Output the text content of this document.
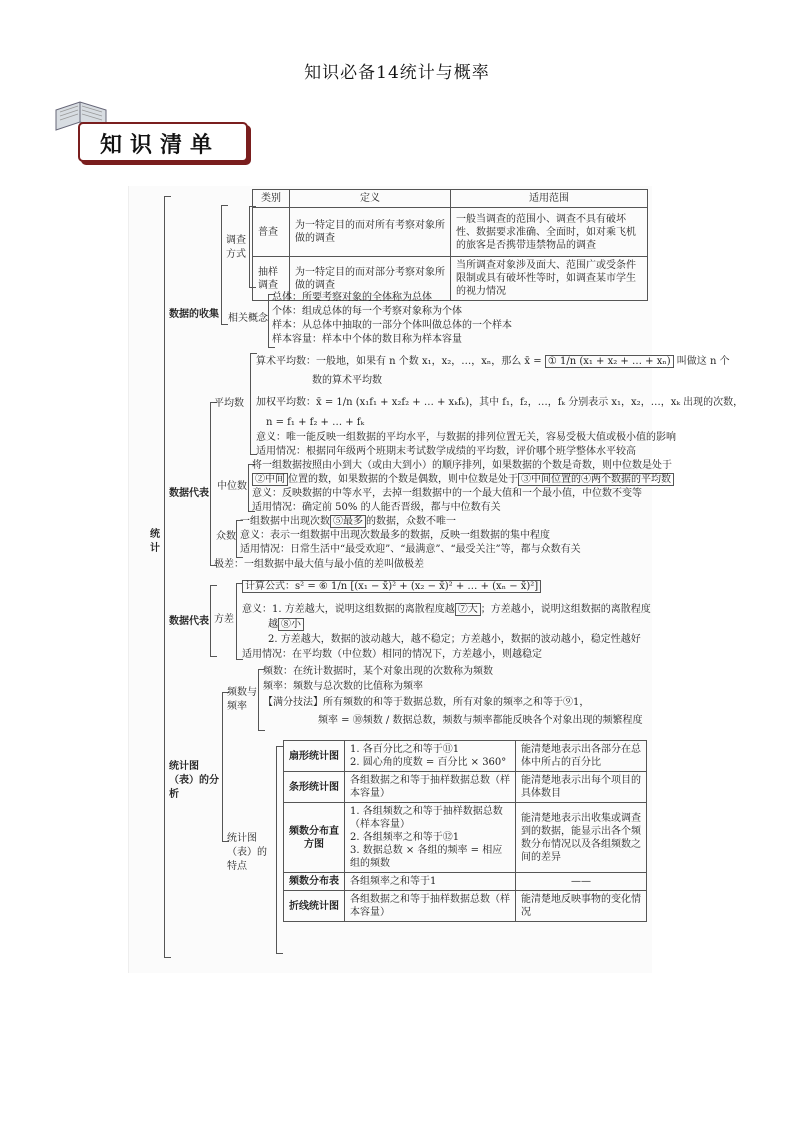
知识必备14统计与概率
知识清单
统计
数据的收集
调查方式
类别	定义	适用范围
普查	为一特定目的而对所有考察对象所做的调查	一般当调查的范围小、调查不具有破坏性、数据要求准确、全面时，如对乘飞机的旅客是否携带违禁物品的调查
抽样调查	为一特定目的而对部分考察对象所做的调查	当所调查对象涉及面大、范围广或受条件限制或具有破坏性等时，如调查某市学生的视力情况
相关概念
总体：所要考察对象的全体称为总体
个体：组成总体的每一个考察对象称为个体
样本：从总体中抽取的一部分个体叫做总体的一个样本
样本容量：样本中个体的数目称为样本容量
数据代表
平均数
算术平均数：一般地，如果有 n 个数 x₁，x₂，…，xₙ，那么 x̄ = ① 1/n (x₁ + x₂ + … + xₙ) 叫做这 n 个
数的算术平均数
加权平均数：x̄ = 1/n (x₁f₁ + x₂f₂ + … + xₖfₖ)，其中 f₁，f₂，…，fₖ 分别表示 x₁，x₂，…，xₖ 出现的次数，
n = f₁ + f₂ + … + fₖ
意义：唯一能反映一组数据的平均水平，与数据的排列位置无关，容易受极大值或极小值的影响
适用情况：根据同年级两个班期末考试数学成绩的平均数，评价哪个班学整体水平较高
中位数
将一组数据按照由小到大（或由大到小）的顺序排列，如果数据的个数是奇数，则中位数是处于
②中间 位置的数，如果数据的个数是偶数，则中位数是处于 ③中间位置的④两个数据的平均数
意义：反映数据的中等水平，去掉一组数据中的一个最大值和一个最小值，中位数不变等
适用情况：确定前 50% 的人能否晋级，都与中位数有关
众数
一组数据中出现次数 ⑤最多 的数据，众数不唯一
意义：表示一组数据中出现次数最多的数据，反映一组数据的集中程度
适用情况：日常生活中“最受欢迎”、“最满意”、“最受关注”等，都与众数有关
极差：一组数据中最大值与最小值的差叫做极差
数据代表 方差
计算公式：s² = ⑥ 1/n [(x₁ − x̄)² + (x₂ − x̄)² + … + (xₙ − x̄)²]
意义：1. 方差越大，说明这组数据的离散程度越 ⑦大 ；方差越小，说明这组数据的离散程度
越 ⑧小
2. 方差越大，数据的波动越大，越不稳定；方差越小，数据的波动越小，稳定性越好
适用情况：在平均数（中位数）相同的情况下，方差越小，则越稳定
统计图（表）的分析
频数与频率
频数：在统计数据时，某个对象出现的次数称为频数
频率：频数与总次数的比值称为频率
【满分技法】所有频数的和等于数据总数，所有对象的频率之和等于⑨1，
频率 = ⑩频数 / 数据总数，频数与频率都能反映各个对象出现的频繁程度
统计图（表）的特点
扇形统计图	1. 各百分比之和等于⑪1
2. 圆心角的度数 = 百分比 × 360°	能清楚地表示出各部分在总体中所占的百分比
条形统计图	各组数据之和等于抽样数据总数（样本容量）	能清楚地表示出每个项目的具体数目
频数分布直方图	1. 各组频数之和等于抽样数据总数（样本容量）
2. 各组频率之和等于⑫1
3. 数据总数 × 各组的频率 = 相应组的频数	能清楚地表示出收集或调查到的数据，能显示出各个频数分布情况以及各组频数之间的差异
频数分布表	各组频率之和等于1	——
折线统计图	各组数据之和等于抽样数据总数（样本容量）	能清楚地反映事物的变化情况
